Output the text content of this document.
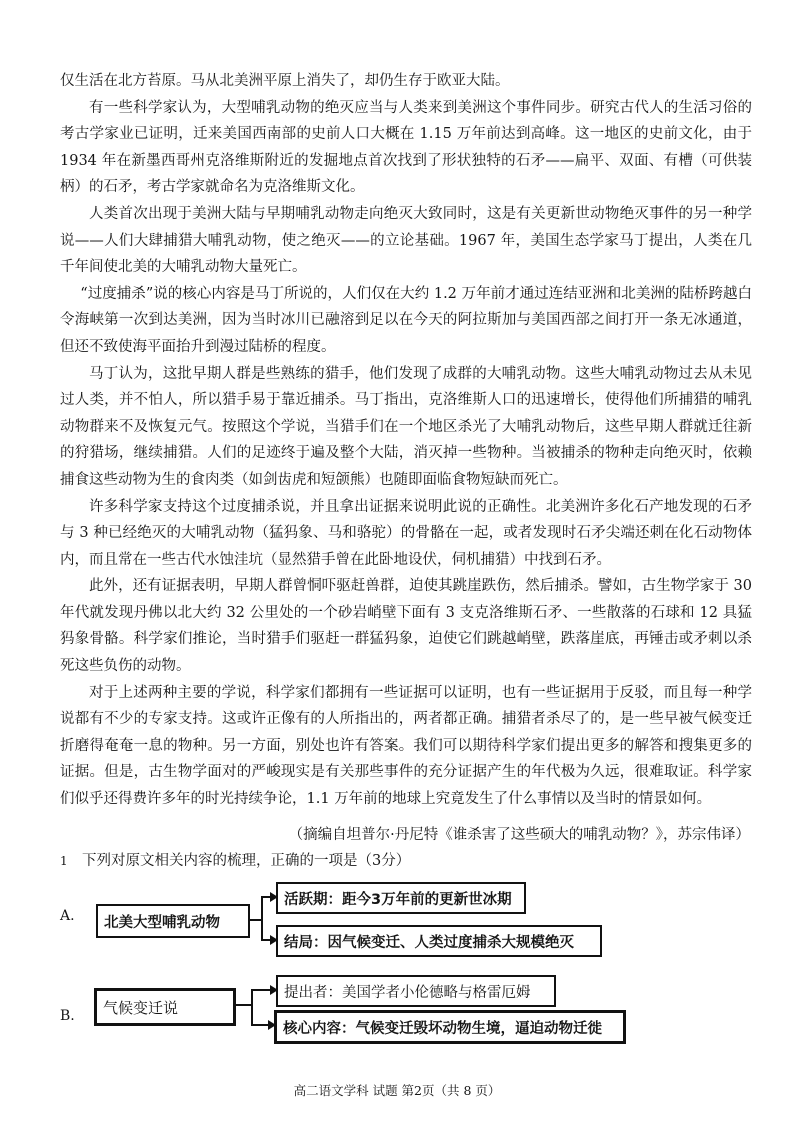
仅生活在北方苔原。马从北美洲平原上消失了，却仍生存于欧亚大陆。

有一些科学家认为，大型哺乳动物的绝灭应当与人类来到美洲这个事件同步。研究古代人的生活习俗的考古学家业已证明，迁来美国西南部的史前人口大概在 1.15 万年前达到高峰。这一地区的史前文化，由于 1934 年在新墨西哥州克洛维斯附近的发掘地点首次找到了形状独特的石矛——扁平、双面、有槽（可供装柄）的石矛，考古学家就命名为克洛维斯文化。

人类首次出现于美洲大陆与早期哺乳动物走向绝灭大致同时，这是有关更新世动物绝灭事件的另一种学说——人们大肆捕猎大哺乳动物，使之绝灭——的立论基础。1967 年，美国生态学家马丁提出，人类在几千年间使北美的大哺乳动物大量死亡。

“过度捕杀”说的核心内容是马丁所说的，人们仅在大约 1.2 万年前才通过连结亚洲和北美洲的陆桥跨越白令海峡第一次到达美洲，因为当时冰川已融溶到足以在今天的阿拉斯加与美国西部之间打开一条无冰通道，但还不致使海平面抬升到漫过陆桥的程度。

马丁认为，这批早期人群是些熟练的猎手，他们发现了成群的大哺乳动物。这些大哺乳动物过去从未见过人类，并不怕人，所以猎手易于靠近捕杀。马丁指出，克洛维斯人口的迅速增长，使得他们所捕猎的哺乳动物群来不及恢复元气。按照这个学说，当猎手们在一个地区杀光了大哺乳动物后，这些早期人群就迁往新的狩猎场，继续捕猎。人们的足迹终于遍及整个大陆，消灭掉一些物种。当被捕杀的物种走向绝灭时，依赖捕食这些动物为生的食肉类（如剑齿虎和短颌熊）也随即面临食物短缺而死亡。

许多科学家支持这个过度捕杀说，并且拿出证据来说明此说的正确性。北美洲许多化石产地发现的石矛与 3 种已经绝灭的大哺乳动物（猛犸象、马和骆驼）的骨骼在一起，或者发现时石矛尖端还刺在化石动物体内，而且常在一些古代水蚀洼坑（显然猎手曾在此卧地设伏，伺机捕猎）中找到石矛。

此外，还有证据表明，早期人群曾恫吓驱赶兽群，迫使其跳崖跌伤，然后捕杀。譬如，古生物学家于 30 年代就发现丹佛以北大约 32 公里处的一个砂岩峭壁下面有 3 支克洛维斯石矛、一些散落的石球和 12 具猛犸象骨骼。科学家们推论，当时猎手们驱赶一群猛犸象，迫使它们跳越峭壁，跌落崖底，再锤击或矛刺以杀死这些负伤的动物。

对于上述两种主要的学说，科学家们都拥有一些证据可以证明，也有一些证据用于反驳，而且每一种学说都有不少的专家支持。这或许正像有的人所指出的，两者都正确。捕猎者杀尽了的，是一些早被气候变迁折磨得奄奄一息的物种。另一方面，别处也许有答案。我们可以期待科学家们提出更多的解答和搜集更多的证据。但是，古生物学面对的严峻现实是有关那些事件的充分证据产生的年代极为久远，很难取证。科学家们似乎还得费许多年的时光持续争论，1.1 万年前的地球上究竟发生了什么事情以及当时的情景如何。

（摘编自坦普尔·丹尼特《谁杀害了这些硕大的哺乳动物？》，苏宗伟译）
1 下列对原文相关内容的梳理，正确的一项是（3分）
A.	北美大型哺乳动物
活跃期：距今3万年前的更新世冰期
结局：因气候变迁、人类过度捕杀大规模绝灭
B.	气候变迁说
提出者：美国学者小伦德略与格雷厄姆
核心内容：气候变迁毁坏动物生境，逼迫动物迁徙
高二语文学科 试题 第2页（共 8 页）
